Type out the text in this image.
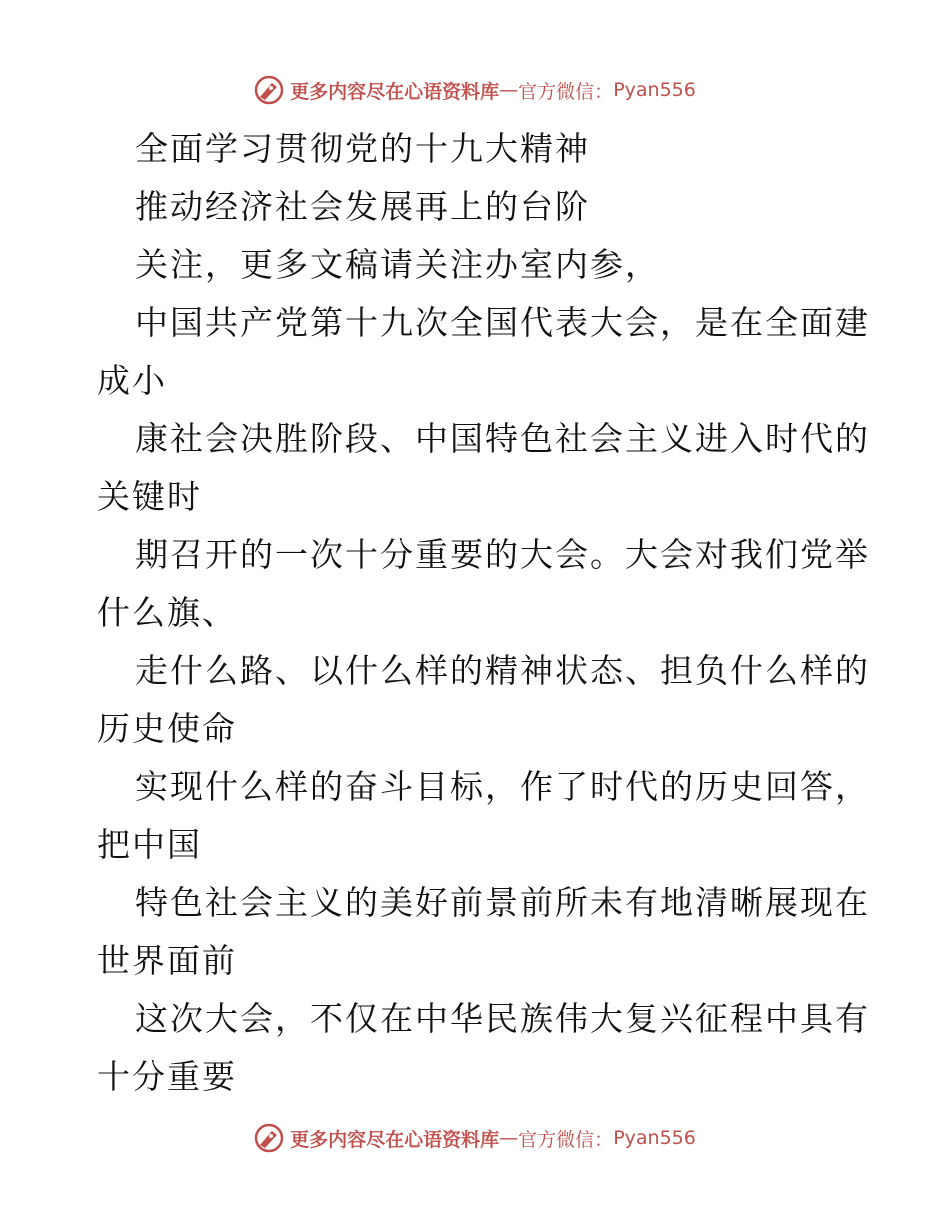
更多内容尽在心语资料库 — 官方微信： Pyan556
全面学习贯彻党的十九大精神
推动经济社会发展再上的台阶
关注，更多文稿请关注办室内参，
中国共产党第十九次全国代表大会，是在全面建
成小
康社会决胜阶段、中国特色社会主义进入时代的
关键时
期召开的一次十分重要的大会。大会对我们党举
什么旗、
走什么路、以什么样的精神状态、担负什么样的
历史使命
实现什么样的奋斗目标，作了时代的历史回答，
把中国
特色社会主义的美好前景前所未有地清晰展现在
世界面前
这次大会，不仅在中华民族伟大复兴征程中具有
十分重要
更多内容尽在心语资料库 — 官方微信： Pyan556
